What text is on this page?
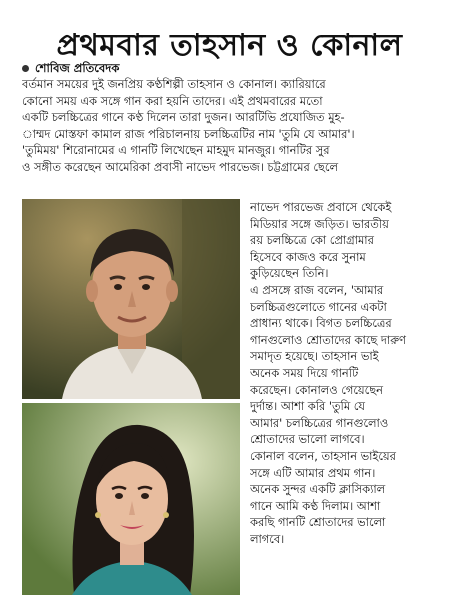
প্রথমবার তাহসান ও কোনাল
শোবিজ প্রতিবেদক
বর্তমান সময়ের দুই জনপ্রিয় কণ্ঠশিল্পী তাহসান ও কোনাল। ক্যারিয়ারে
কোনো সময় এক সঙ্গে গান করা হয়নি তাদের। এই প্রথমবারের মতো
একটি চলচ্চিত্রের গানে কণ্ঠ দিলেন তারা দুজন। আরটিভি প্রযোজিত মুহ-
াম্মদ মোস্তফা কামাল রাজ পরিচালনায় চলচ্চিত্রটির নাম 'তুমি যে আমার'।
'তুমিময়' শিরোনামের এ গানটি লিখেছেন মাহমুদ মানজুর। গানটির সুর
ও সঙ্গীত করেছেন আমেরিকা প্রবাসী নাভেদ পারভেজ। চট্টগ্রামের ছেলে
নাভেদ পারভেজ প্রবাসে থেকেই
মিডিয়ার সঙ্গে জড়িত। ভারতীয়
রয় চলচ্চিত্রে কো প্রোগ্রামার
হিসেবে কাজও করে সুনাম
কুড়িয়েছেন তিনি।
এ প্রসঙ্গে রাজ বলেন, 'আমার
চলচ্চিত্রগুলোতে গানের একটা
প্রাধান্য থাকে। বিগত চলচ্চিত্রের
গানগুলোও শ্রোতাদের কাছে দারুণ
সমাদৃত হয়েছে। তাহসান ভাই
অনেক সময় দিয়ে গানটি
করেছেন। কোনালও গেয়েছেন
দুর্দান্ত। আশা করি 'তুমি যে
আমার' চলচ্চিত্রের গানগুলোও
শ্রোতাদের ভালো লাগবে।
কোনাল বলেন, তাহসান ভাইয়ের
সঙ্গে এটি আমার প্রথম গান।
অনেক সুন্দর একটি ক্লাসিক্যাল
গানে আমি কণ্ঠ দিলাম। আশা
করছি গানটি শ্রোতাদের ভালো
লাগবে।
